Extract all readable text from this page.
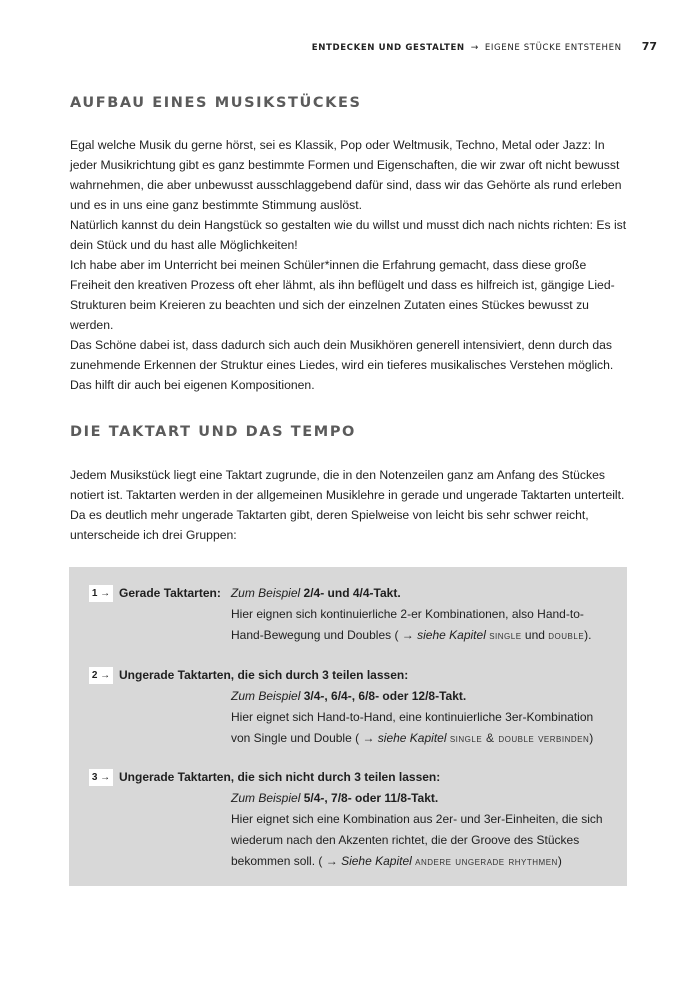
ENTDECKEN UND GESTALTEN → EIGENE STÜCKE ENTSTEHEN 77
AUFBAU EINES MUSIKSTÜCKES

Egal welche Musik du gerne hörst, sei es Klassik, Pop oder Weltmusik, Techno, Metal oder Jazz: In jeder Musikrichtung gibt es ganz bestimmte Formen und Eigenschaften, die wir zwar oft nicht bewusst wahrnehmen, die aber unbewusst ausschlaggebend dafür sind, dass wir das Gehörte als rund erleben und es in uns eine ganz bestimmte Stimmung auslöst.

Natürlich kannst du dein Hangstück so gestalten wie du willst und musst dich nach nichts richten: Es ist dein Stück und du hast alle Möglichkeiten!

Ich habe aber im Unterricht bei meinen Schüler*innen die Erfahrung gemacht, dass diese große Freiheit den kreativen Prozess oft eher lähmt, als ihn beflügelt und dass es hilfreich ist, gängige Lied-Strukturen beim Kreieren zu beachten und sich der einzelnen Zutaten eines Stückes bewusst zu werden.

Das Schöne dabei ist, dass dadurch sich auch dein Musikhören generell intensiviert, denn durch das zunehmende Erkennen der Struktur eines Liedes, wird ein tieferes musikalisches Verstehen möglich. Das hilft dir auch bei eigenen Kompositionen.

DIE TAKTART UND DAS TEMPO

Jedem Musikstück liegt eine Taktart zugrunde, die in den Notenzeilen ganz am Anfang des Stückes notiert ist. Taktarten werden in der allgemeinen Musiklehre in gerade und ungerade Taktarten unterteilt. Da es deutlich mehr ungerade Taktarten gibt, deren Spielweise von leicht bis sehr schwer reicht, unterscheide ich drei Gruppen:

1 → Gerade Taktarten: Zum Beispiel 2/4- und 4/4-Takt.
Hier eignen sich kontinuierliche 2-er Kombinationen, also Hand-to-Hand-Bewegung und Doubles ( → siehe Kapitel single und double).
2 → Ungerade Taktarten, die sich durch 3 teilen lassen:
Zum Beispiel 3/4-, 6/4-, 6/8- oder 12/8-Takt.
Hier eignet sich Hand-to-Hand, eine kontinuierliche 3er-Kombination von Single und Double ( → siehe Kapitel single & double verbinden)
3 → Ungerade Taktarten, die sich nicht durch 3 teilen lassen:
Zum Beispiel 5/4-, 7/8- oder 11/8-Takt.
Hier eignet sich eine Kombination aus 2er- und 3er-Einheiten, die sich wiederum nach den Akzenten richtet, die der Groove des Stückes bekommen soll. ( → Siehe Kapitel andere ungerade rhythmen)
